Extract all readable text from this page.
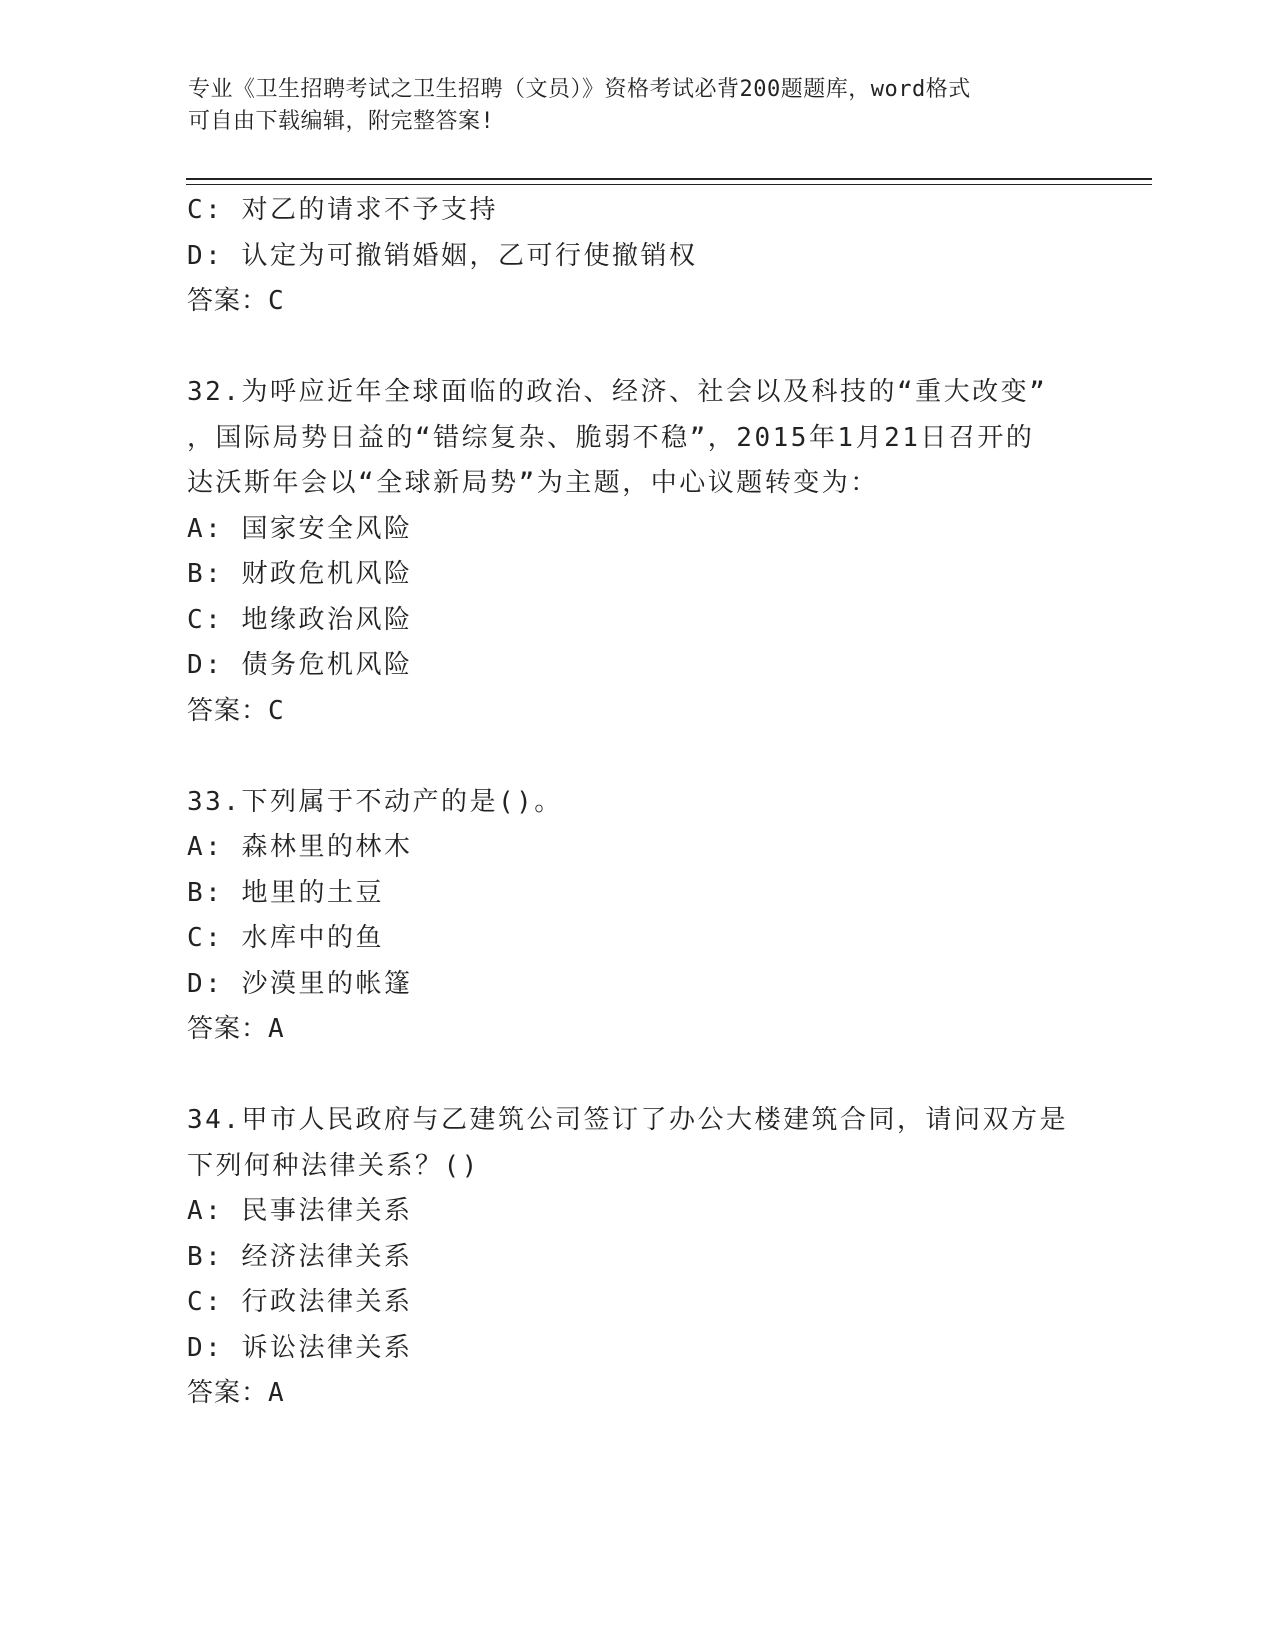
专业《卫生招聘考试之卫生招聘（文员）》资格考试必背200题题库，word格式
可自由下载编辑，附完整答案!
C: 对乙的请求不予支持
D: 认定为可撤销婚姻，乙可行使撤销权
答案：C
32.为呼应近年全球面临的政治、经济、社会以及科技的“重大改变”
，国际局势日益的“错综复杂、脆弱不稳”，2015年1月21日召开的
达沃斯年会以“全球新局势”为主题，中心议题转变为：
A: 国家安全风险
B: 财政危机风险
C: 地缘政治风险
D: 债务危机风险
答案：C
33.下列属于不动产的是()。
A: 森林里的林木
B: 地里的土豆
C: 水库中的鱼
D: 沙漠里的帐篷
答案：A
34.甲市人民政府与乙建筑公司签订了办公大楼建筑合同，请问双方是
下列何种法律关系？()
A: 民事法律关系
B: 经济法律关系
C: 行政法律关系
D: 诉讼法律关系
答案：A
